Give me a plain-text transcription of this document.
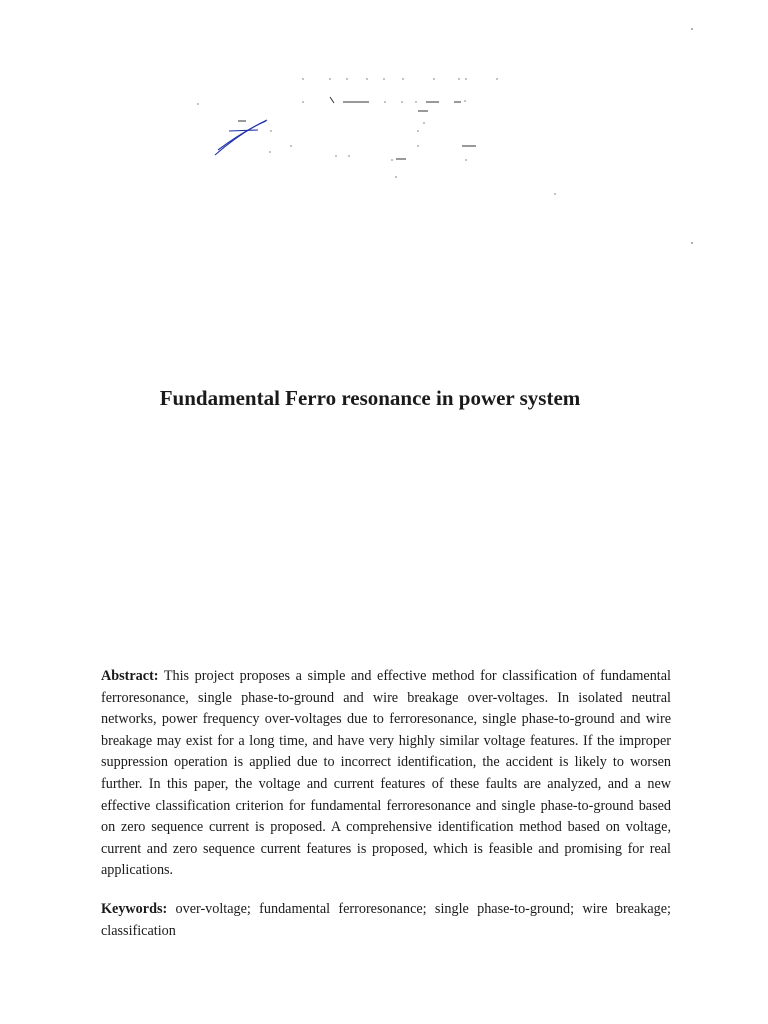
Fundamental Ferro resonance in power system

Abstract: This project proposes a simple and effective method for classification of fundamental ferroresonance, single phase-to-ground and wire breakage over-voltages. In isolated neutral networks, power frequency over-voltages due to ferroresonance, single phase-to-ground and wire breakage may exist for a long time, and have very highly similar voltage features. If the improper suppression operation is applied due to incorrect identification, the accident is likely to worsen further. In this paper, the voltage and current features of these faults are analyzed, and a new effective classification criterion for fundamental ferroresonance and single phase-to-ground based on zero sequence current is proposed. A comprehensive identification method based on voltage, current and zero sequence current features is proposed, which is feasible and promising for real applications.

Keywords: over-voltage; fundamental ferroresonance; single phase-to-ground; wire breakage; classification
